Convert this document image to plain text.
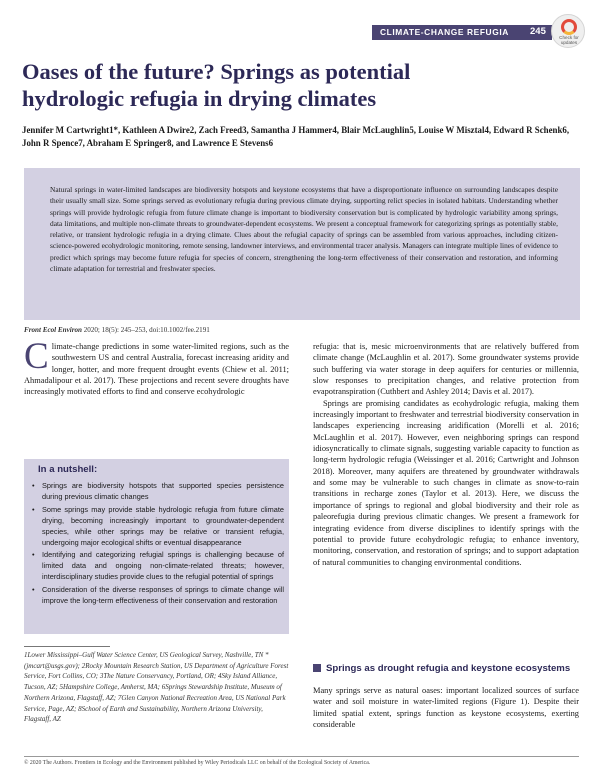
CLIMATE-CHANGE REFUGIA 245
Check for updates
Oases of the future? Springs as potential hydrologic refugia in drying climates
Jennifer M Cartwright1*, Kathleen A Dwire2, Zach Freed3, Samantha J Hammer4, Blair McLaughlin5, Louise W Misztal4, Edward R Schenk6, John R Spence7, Abraham E Springer8, and Lawrence E Stevens6

Natural springs in water-limited landscapes are biodiversity hotspots and keystone ecosystems that have a disproportionate influence on surrounding landscapes despite their usually small size. Some springs served as evolutionary refugia during previous climate drying, supporting relict species in isolated habitats. Understanding whether springs will provide hydrologic refugia from future climate change is important to biodiversity conservation but is complicated by hydrologic variability among springs, data limitations, and multiple non-climate threats to groundwater-dependent ecosystems. We present a conceptual framework for categorizing springs as potentially stable, relative, or transient hydrologic refugia in a drying climate. Clues about the refugial capacity of springs can be assembled from various approaches, including citizen-science-powered ecohydrologic monitoring, remote sensing, landowner interviews, and environmental tracer analysis. Managers can integrate multiple lines of evidence to predict which springs may become future refugia for species of concern, strengthening the long-term effectiveness of their conservation and restoration, and informing climate adaptation for terrestrial and freshwater species.

Front Ecol Environ 2020; 18(5): 245–253, doi:10.1002/fee.2191

Climate-change predictions in some water-limited regions, such as the southwestern US and central Australia, forecast increasing aridity and longer, hotter, and more frequent drought events (Chiew et al. 2011; Ahmadalipour et al. 2017). These projections and recent severe droughts have increasingly motivated efforts to find and conserve ecohydrologic

In a nutshell:
• Springs are biodiversity hotspots that supported species persistence during previous climatic changes
• Some springs may provide stable hydrologic refugia from future climate drying, becoming increasingly important to groundwater-dependent species, while other springs may be relative or transient refugia, undergoing major ecological shifts or eventual disappearance
• Identifying and categorizing refugial springs is challenging because of limited data and ongoing non-climate-related threats; however, interdisciplinary studies provide clues to the refugial potential of springs
• Consideration of the diverse responses of springs to climate change will improve the long-term effectiveness of their conservation and restoration

1Lower Mississippi–Gulf Water Science Center, US Geological Survey, Nashville, TN *(jmcart@usgs.gov); 2Rocky Mountain Research Station, US Department of Agriculture Forest Service, Fort Collins, CO; 3The Nature Conservancy, Portland, OR; 4Sky Island Alliance, Tucson, AZ; 5Hampshire College, Amherst, MA; 6Springs Stewardship Institute, Museum of Northern Arizona, Flagstaff, AZ; 7Glen Canyon National Recreation Area, US National Park Service, Page, AZ; 8School of Earth and Sustainability, Northern Arizona University, Flagstaff, AZ

refugia: that is, mesic microenvironments that are relatively buffered from climate change (McLaughlin et al. 2017). Some groundwater systems provide such buffering via water storage in deep aquifers for centuries or millennia, slow responses to precipitation changes, and relative protection from evapotranspiration (Cuthbert and Ashley 2014; Davis et al. 2017).

Springs are promising candidates as ecohydrologic refugia, making them increasingly important to freshwater and terrestrial biodiversity conservation in landscapes experiencing increasing aridification (Morelli et al. 2016; McLaughlin et al. 2017). However, even neighboring springs can respond idiosyncratically to climate signals, suggesting variable capacity to function as long-term hydrologic refugia (Weissinger et al. 2016; Cartwright and Johnson 2018). Moreover, many aquifers are threatened by groundwater withdrawals and some may be vulnerable to such changes in climate as snow-to-rain transitions in recharge zones (Taylor et al. 2013). Here, we discuss the importance of springs to regional and global biodiversity and their role as paleorefugia during previous climatic changes. We present a framework for integrating evidence from diverse disciplines to identify springs with the potential to provide future ecohydrologic refugia; to enhance inventory, monitoring, conservation, and restoration of springs; and to support adaptation of natural communities to changing environmental conditions.

Springs as drought refugia and keystone ecosystems

Many springs serve as natural oases: important localized sources of surface water and soil moisture in water-limited regions (Figure 1). Despite their limited spatial extent, springs function as keystone ecosystems, exerting considerable

© 2020 The Authors. Frontiers in Ecology and the Environment published by Wiley Periodicals LLC on behalf of the Ecological Society of America.
